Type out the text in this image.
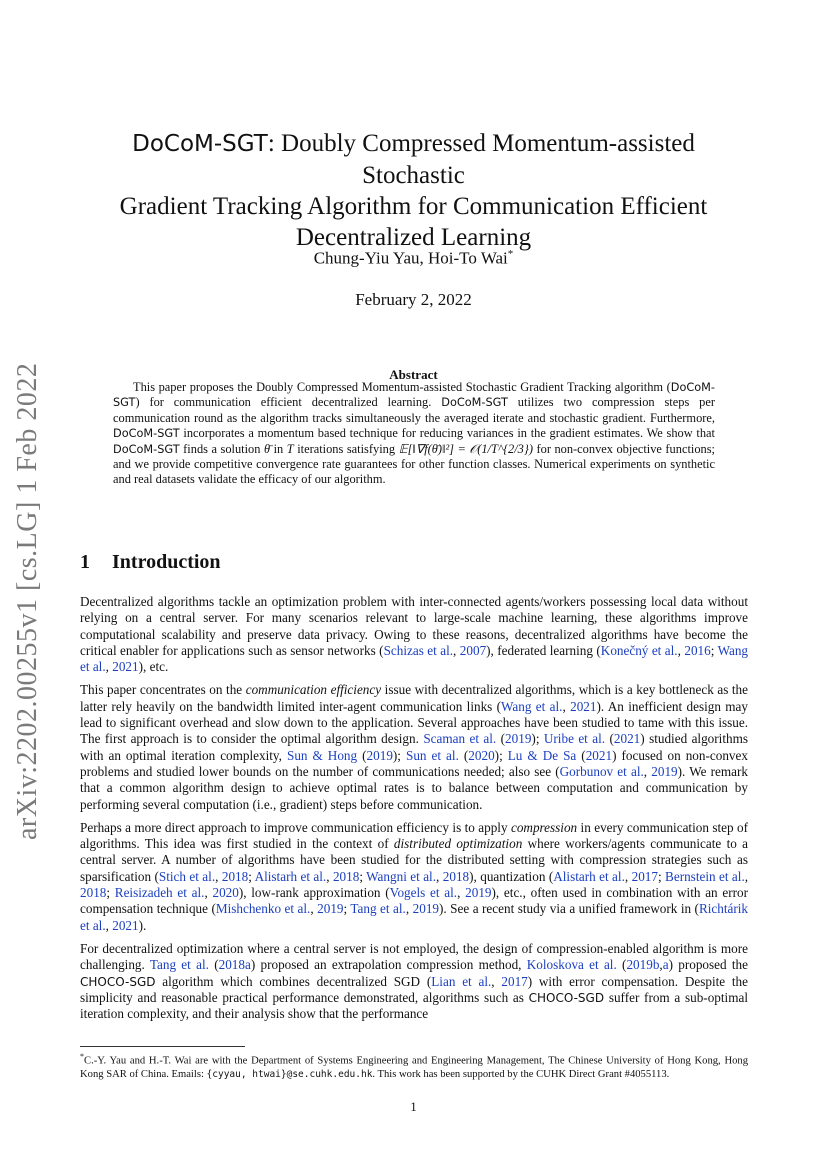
arXiv:2202.00255v1 [cs.LG] 1 Feb 2022
DoCoM-SGT: Doubly Compressed Momentum-assisted Stochastic
Gradient Tracking Algorithm for Communication Efficient
Decentralized Learning
Chung-Yiu Yau, Hoi-To Wai*
February 2, 2022
Abstract

This paper proposes the Doubly Compressed Momentum-assisted Stochastic Gradient Tracking algorithm (DoCoM-SGT) for communication efficient decentralized learning. DoCoM-SGT utilizes two compression steps per communication round as the algorithm tracks simultaneously the averaged iterate and stochastic gradient. Furthermore, DoCoM-SGT incorporates a momentum based technique for reducing variances in the gradient estimates. We show that DoCoM-SGT finds a solution θ̄ in T iterations satisfying 𝔼[‖∇f(θ̄)‖²] = 𝒪(1/T^{2/3}) for non-convex objective functions; and we provide competitive convergence rate guarantees for other function classes. Numerical experiments on synthetic and real datasets validate the efficacy of our algorithm.

1 Introduction

Decentralized algorithms tackle an optimization problem with inter-connected agents/workers possessing local data without relying on a central server. For many scenarios relevant to large-scale machine learning, these algorithms improve computational scalability and preserve data privacy. Owing to these reasons, decentralized algorithms have become the critical enabler for applications such as sensor networks (Schizas et al., 2007), federated learning (Konečný et al., 2016; Wang et al., 2021), etc.

This paper concentrates on the communication efficiency issue with decentralized algorithms, which is a key bottleneck as the latter rely heavily on the bandwidth limited inter-agent communication links (Wang et al., 2021). An inefficient design may lead to significant overhead and slow down to the application. Several approaches have been studied to tame with this issue. The first approach is to consider the optimal algorithm design. Scaman et al. (2019); Uribe et al. (2021) studied algorithms with an optimal iteration complexity, Sun & Hong (2019); Sun et al. (2020); Lu & De Sa (2021) focused on non-convex problems and studied lower bounds on the number of communications needed; also see (Gorbunov et al., 2019). We remark that a common algorithm design to achieve optimal rates is to balance between computation and communication by performing several computation (i.e., gradient) steps before communication.

Perhaps a more direct approach to improve communication efficiency is to apply compression in every communication step of algorithms. This idea was first studied in the context of distributed optimization where workers/agents communicate to a central server. A number of algorithms have been studied for the distributed setting with compression strategies such as sparsification (Stich et al., 2018; Alistarh et al., 2018; Wangni et al., 2018), quantization (Alistarh et al., 2017; Bernstein et al., 2018; Reisizadeh et al., 2020), low-rank approximation (Vogels et al., 2019), etc., often used in combination with an error compensation technique (Mishchenko et al., 2019; Tang et al., 2019). See a recent study via a unified framework in (Richtárik et al., 2021).

For decentralized optimization where a central server is not employed, the design of compression-enabled algorithm is more challenging. Tang et al. (2018a) proposed an extrapolation compression method, Koloskova et al. (2019b,a) proposed the CHOCO-SGD algorithm which combines decentralized SGD (Lian et al., 2017) with error compensation. Despite the simplicity and reasonable practical performance demonstrated, algorithms such as CHOCO-SGD suffer from a sub-optimal iteration complexity, and their analysis show that the performance

*C.-Y. Yau and H.-T. Wai are with the Department of Systems Engineering and Engineering Management, The Chinese University of Hong Kong, Hong Kong SAR of China. Emails: {cyyau, htwai}@se.cuhk.edu.hk. This work has been supported by the CUHK Direct Grant #4055113.
1
